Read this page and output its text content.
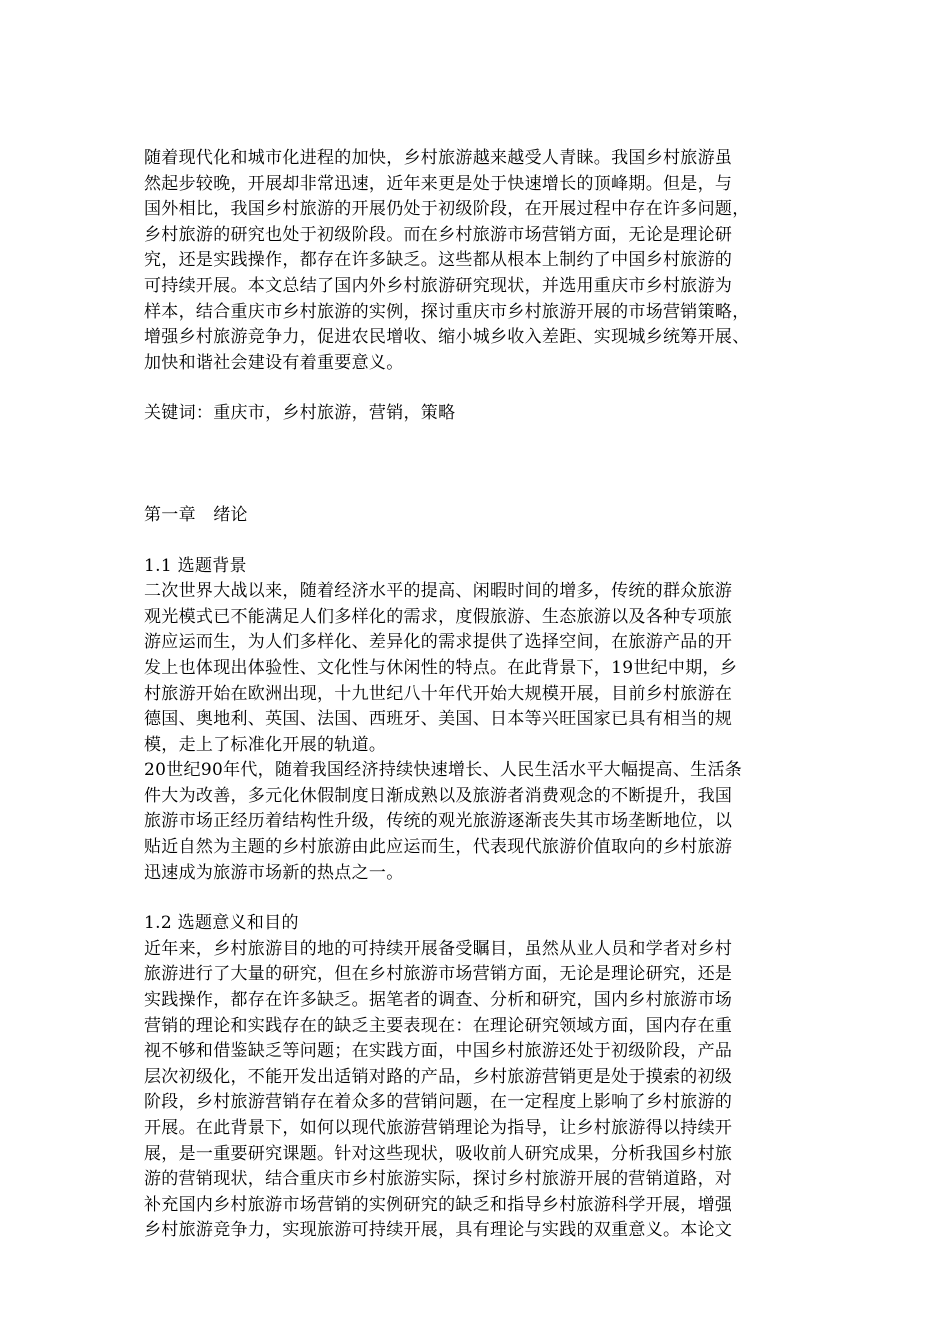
随着现代化和城市化进程的加快，乡村旅游越来越受人青睐。我国乡村旅游虽
然起步较晚，开展却非常迅速，近年来更是处于快速增长的顶峰期。但是，与
国外相比，我国乡村旅游的开展仍处于初级阶段，在开展过程中存在许多问题，
乡村旅游的研究也处于初级阶段。而在乡村旅游市场营销方面，无论是理论研
究，还是实践操作，都存在许多缺乏。这些都从根本上制约了中国乡村旅游的
可持续开展。本文总结了国内外乡村旅游研究现状，并选用重庆市乡村旅游为
样本，结合重庆市乡村旅游的实例，探讨重庆市乡村旅游开展的市场营销策略，
增强乡村旅游竞争力，促进农民增收、缩小城乡收入差距、实现城乡统筹开展、
加快和谐社会建设有着重要意义。
关键词：重庆市，乡村旅游，营销，策略
第一章　绪论
1.1 选题背景
二次世界大战以来，随着经济水平的提高、闲暇时间的增多，传统的群众旅游
观光模式已不能满足人们多样化的需求，度假旅游、生态旅游以及各种专项旅
游应运而生，为人们多样化、差异化的需求提供了选择空间，在旅游产品的开
发上也体现出体验性、文化性与休闲性的特点。在此背景下，19世纪中期，乡
村旅游开始在欧洲出现，十九世纪八十年代开始大规模开展，目前乡村旅游在
德国、奥地利、英国、法国、西班牙、美国、日本等兴旺国家已具有相当的规
模，走上了标准化开展的轨道。
20世纪90年代，随着我国经济持续快速增长、人民生活水平大幅提高、生活条
件大为改善，多元化休假制度日渐成熟以及旅游者消费观念的不断提升，我国
旅游市场正经历着结构性升级，传统的观光旅游逐渐丧失其市场垄断地位，以
贴近自然为主题的乡村旅游由此应运而生，代表现代旅游价值取向的乡村旅游
迅速成为旅游市场新的热点之一。
1.2 选题意义和目的
近年来，乡村旅游目的地的可持续开展备受瞩目，虽然从业人员和学者对乡村
旅游进行了大量的研究，但在乡村旅游市场营销方面，无论是理论研究，还是
实践操作，都存在许多缺乏。据笔者的调查、分析和研究，国内乡村旅游市场
营销的理论和实践存在的缺乏主要表现在：在理论研究领域方面，国内存在重
视不够和借鉴缺乏等问题；在实践方面，中国乡村旅游还处于初级阶段，产品
层次初级化，不能开发出适销对路的产品，乡村旅游营销更是处于摸索的初级
阶段，乡村旅游营销存在着众多的营销问题，在一定程度上影响了乡村旅游的
开展。在此背景下，如何以现代旅游营销理论为指导，让乡村旅游得以持续开
展，是一重要研究课题。针对这些现状，吸收前人研究成果，分析我国乡村旅
游的营销现状，结合重庆市乡村旅游实际，探讨乡村旅游开展的营销道路，对
补充国内乡村旅游市场营销的实例研究的缺乏和指导乡村旅游科学开展，增强
乡村旅游竞争力，实现旅游可持续开展，具有理论与实践的双重意义。本论文
